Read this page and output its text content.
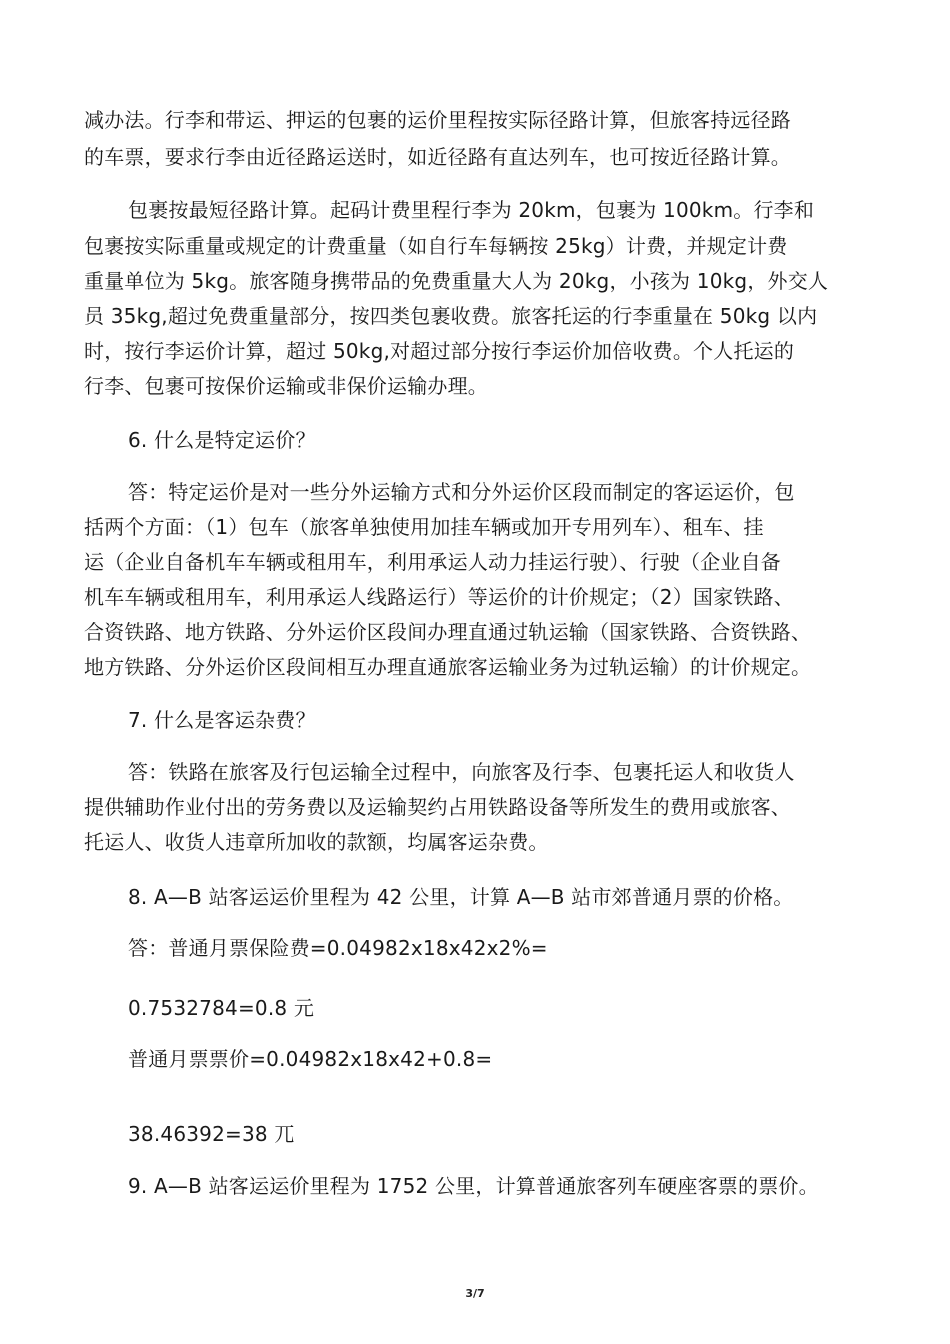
减办法。行李和带运、押运的包裹的运价里程按实际径路计算，但旅客持远径路
的车票，要求行李由近径路运送时，如近径路有直达列车，也可按近径路计算。
包裹按最短径路计算。起码计费里程行李为 20km，包裹为 100km。行李和
包裹按实际重量或规定的计费重量（如自行车每辆按 25kg）计费，并规定计费
重量单位为 5kg。旅客随身携带品的免费重量大人为 20kg，小孩为 10kg，外交人
员 35kg,超过免费重量部分，按四类包裹收费。旅客托运的行李重量在 50kg 以内
时，按行李运价计算，超过 50kg,对超过部分按行李运价加倍收费。个人托运的
行李、包裹可按保价运输或非保价运输办理。
6. 什么是特定运价？
答：特定运价是对一些分外运输方式和分外运价区段而制定的客运运价，包
括两个方面：（1）包车（旅客单独使用加挂车辆或加开专用列车）、租车、挂
运（企业自备机车车辆或租用车，利用承运人动力挂运行驶）、行驶（企业自备
机车车辆或租用车，利用承运人线路运行）等运价的计价规定；（2）国家铁路、
合资铁路、地方铁路、分外运价区段间办理直通过轨运输（国家铁路、合资铁路、
地方铁路、分外运价区段间相互办理直通旅客运输业务为过轨运输）的计价规定。
7. 什么是客运杂费？
答：铁路在旅客及行包运输全过程中，向旅客及行李、包裹托运人和收货人
提供辅助作业付出的劳务费以及运输契约占用铁路设备等所发生的费用或旅客、
托运人、收货人违章所加收的款额，均属客运杂费。
8. A—B 站客运运价里程为 42 公里，计算 A—B 站市郊普通月票的价格。
答：普通月票保险费=0.04982x18x42x2%=
0.7532784=0.8 元
普通月票票价=0.04982x18x42+0.8=
38.46392=38 兀
9. A—B 站客运运价里程为 1752 公里，计算普通旅客列车硬座客票的票价。
3/7
